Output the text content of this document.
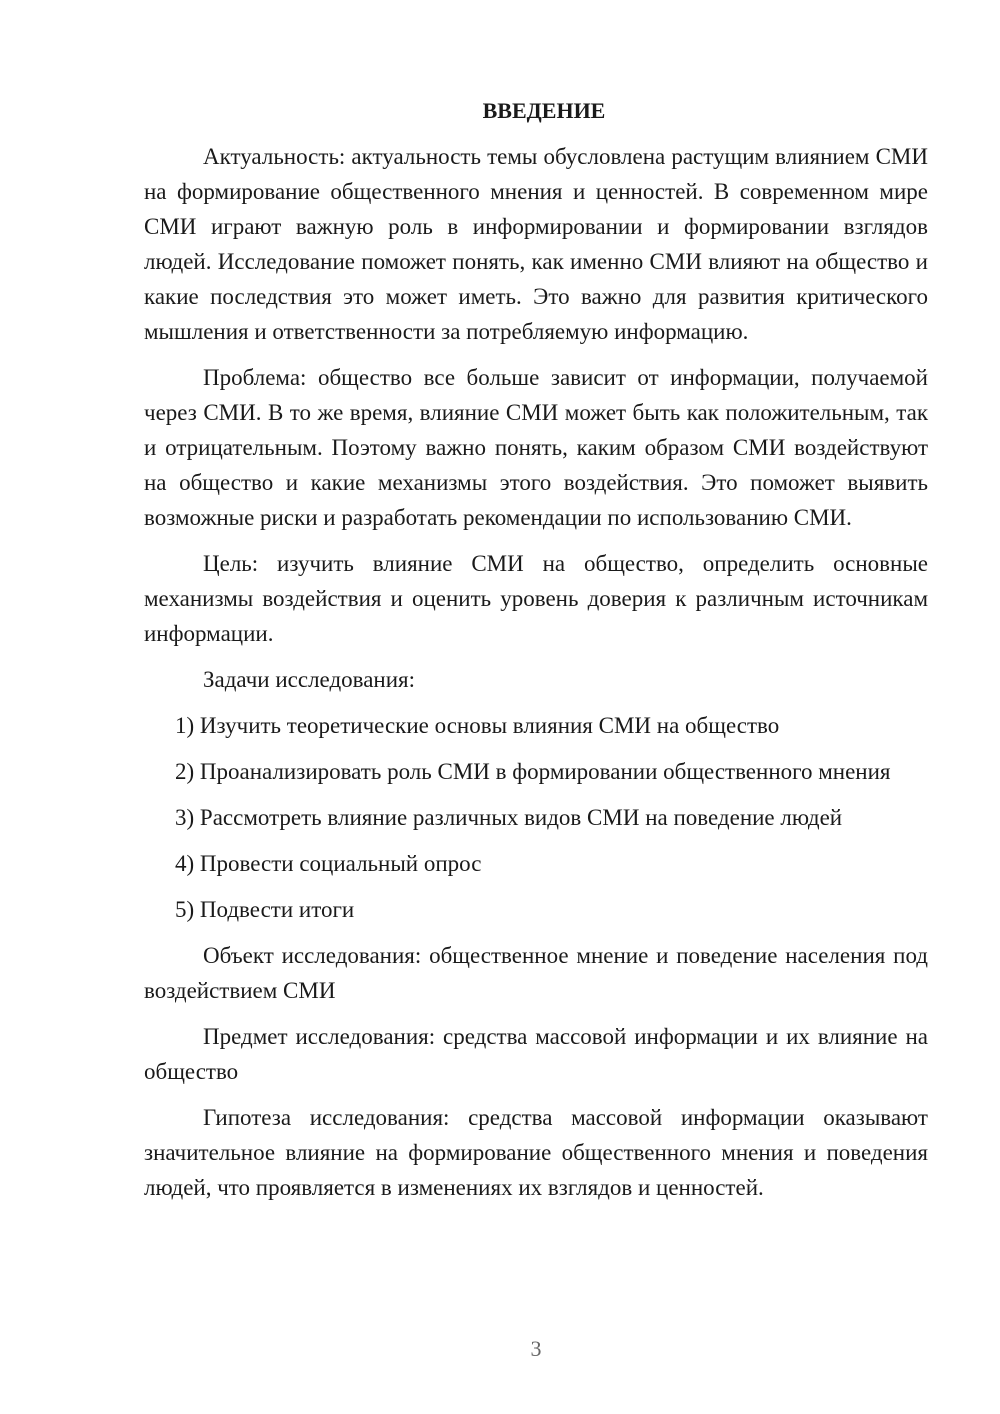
ВВЕДЕНИЕ

Актуальность: актуальность темы обусловлена растущим влиянием СМИ на формирование общественного мнения и ценностей. В современном мире СМИ играют важную роль в информировании и формировании взглядов людей. Исследование поможет понять, как именно СМИ влияют на общество и какие последствия это может иметь. Это важно для развития критического мышления и ответственности за потребляемую информацию.

Проблема: общество все больше зависит от информации, получаемой через СМИ. В то же время, влияние СМИ может быть как положительным, так и отрицательным. Поэтому важно понять, каким образом СМИ воздействуют на общество и какие механизмы этого воздействия. Это поможет выявить возможные риски и разработать рекомендации по использованию СМИ.

Цель: изучить влияние СМИ на общество, определить основные механизмы воздействия и оценить уровень доверия к различным источникам информации.

Задачи исследования:

1) Изучить теоретические основы влияния СМИ на общество

2) Проанализировать роль СМИ в формировании общественного мнения

3) Рассмотреть влияние различных видов СМИ на поведение людей

4) Провести социальный опрос

5) Подвести итоги

Объект исследования: общественное мнение и поведение населения под воздействием СМИ

Предмет исследования: средства массовой информации и их влияние на общество

Гипотеза исследования: средства массовой информации оказывают значительное влияние на формирование общественного мнения и поведения людей, что проявляется в изменениях их взглядов и ценностей.

3
